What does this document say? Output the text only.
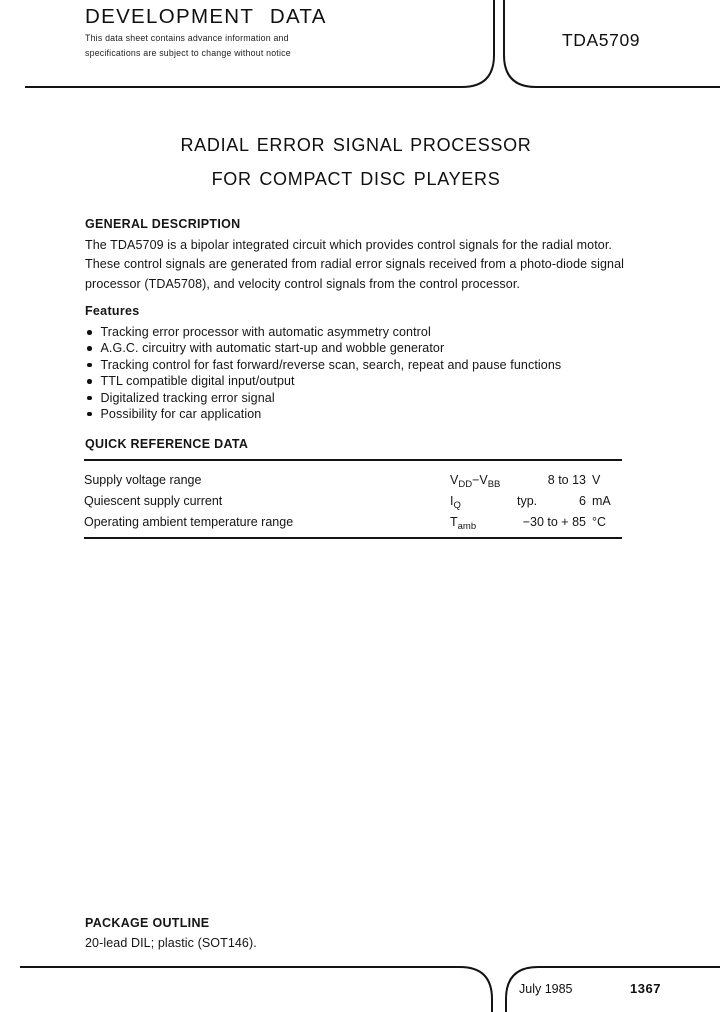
DEVELOPMENT DATA
This data sheet contains advance information and
specifications are subject to change without notice
TDA5709
RADIAL ERROR SIGNAL PROCESSOR
FOR COMPACT DISC PLAYERS
GENERAL DESCRIPTION
The TDA5709 is a bipolar integrated circuit which provides control signals for the radial motor.
These control signals are generated from radial error signals received from a photo-diode signal
processor (TDA5708), and velocity control signals from the control processor.
Features
Tracking error processor with automatic asymmetry control
A.G.C. circuitry with automatic start-up and wobble generator
Tracking control for fast forward/reverse scan, search, repeat and pause functions
TTL compatible digital input/output
Digitalized tracking error signal
Possibility for car application
QUICK REFERENCE DATA
Supply voltage range	$V_{DD}-V_{BB}$	8 to 13 V
Quiescent supply current	$I_Q$	typ.	6 mA
Operating ambient temperature range	$T_{amb}$	−30 to + 85 °C
PACKAGE OUTLINE
20-lead DIL; plastic (SOT146).
July 1985	1367
